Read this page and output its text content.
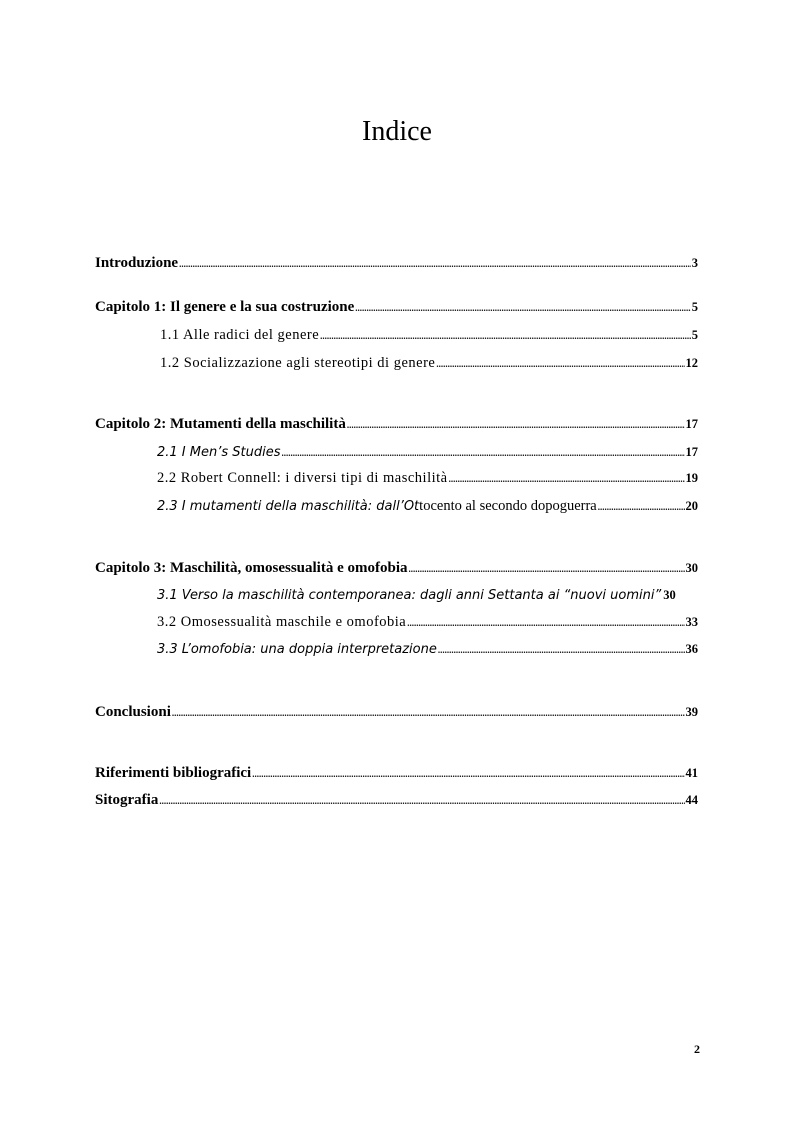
Indice
Introduzione .....	3
Capitolo 1: Il genere e la sua costruzione .....	5
1.1 Alle radici del genere .....	5
1.2 Socializzazione agli stereotipi di genere .....	12
Capitolo 2: Mutamenti della maschilità .....	17
2.1 I Men’s Studies .....	17
2.2 Robert Connell: i diversi tipi di maschilità .....	19
2.3 I mutamenti della maschilità: dall’Ottocento al secondo dopoguerra .....	20
Capitolo 3: Maschilità, omosessualità e omofobia .....	30
3.1 Verso la maschilità contemporanea: dagli anni Settanta ai “nuovi uomini” 30
3.2 Omosessualità maschile e omofobia .....	33
3.3 L’omofobia: una doppia interpretazione .....	36
Conclusioni .....	39
Riferimenti bibliografici .....	41
Sitografia .....	44
2
